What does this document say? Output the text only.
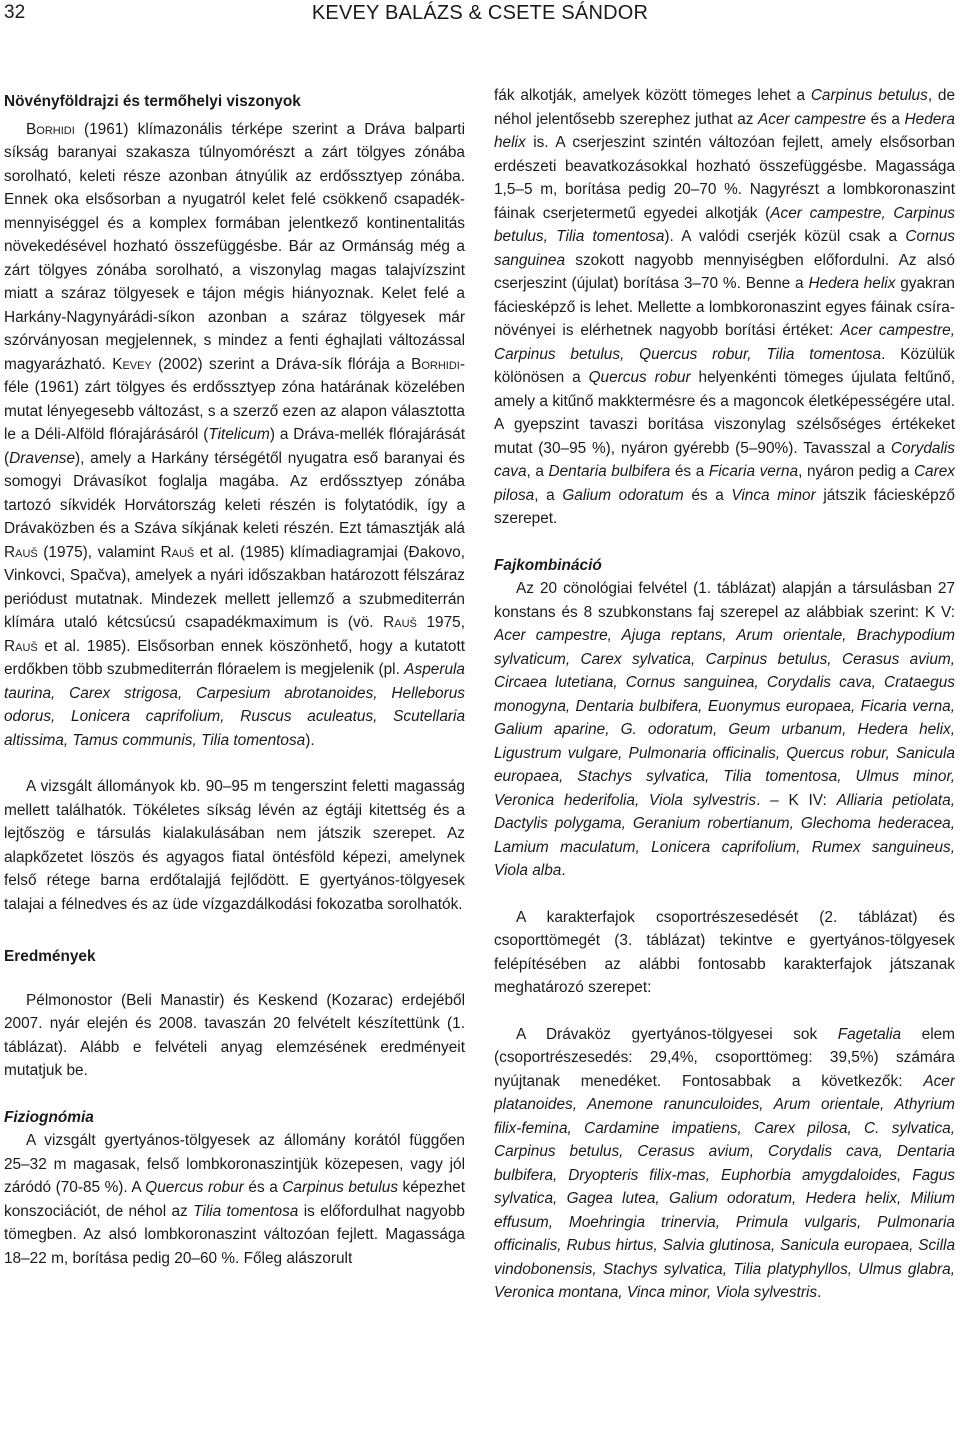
32	KEVEY BALÁZS & CSETE SÁNDOR
Növényföldrajzi és termőhelyi viszonyok

Borhidi (1961) klímazonális térképe szerint a Dráva balparti síkság baranyai szakasza túlnyomórészt a zárt tölgyes zónába sorolható, keleti része azonban átnyúlik az erdőssztyep zónába. Ennek oka elsősorban a nyugatról kelet felé csökkenő csapadék-mennyiséggel és a komplex formában jelentkező kontinentalitás növekedésével hozható összefüggésbe. Bár az Ormánság még a zárt tölgyes zónába sorolható, a viszonylag magas talajvízszint miatt a száraz tölgyesek e tájon mégis hiányoznak. Kelet felé a Harkány-Nagynyárádi-síkon azonban a száraz tölgyesek már szórványosan megjelennek, s mindez a fenti éghajlati változással magyarázható. Kevey (2002) szerint a Dráva-sík flórája a Borhidi-féle (1961) zárt tölgyes és erdőssztyep zóna határának közelében mutat lényegesebb változást, s a szerző ezen az alapon választotta le a Déli-Alföld flórajárásáról (Titelicum) a Dráva-mellék flórajárását (Dravense), amely a Harkány térségétől nyugatra eső baranyai és somogyi Drávasíkot foglalja magába. Az erdőssztyep zónába tartozó síkvidék Horvátország keleti részén is folytatódik, így a Drávaközben és a Száva síkjának keleti részén. Ezt támasztják alá Rauš (1975), valamint Rauš et al. (1985) klímadiagramjai (Đakovo, Vinkovci, Spačva), amelyek a nyári időszakban határozott félszáraz periódust mutatnak. Mindezek mellett jellemző a szubmediterrán klímára utaló kétcsúcsú csapadékmaximum is (vö. Rauš 1975, Rauš et al. 1985). Elsősorban ennek köszönhető, hogy a kutatott erdőkben több szubmediterrán flóraelem is megjelenik (pl. Asperula taurina, Carex strigosa, Carpesium abrotanoides, Helleborus odorus, Lonicera caprifolium, Ruscus aculeatus, Scutellaria altissima, Tamus communis, Tilia tomentosa).

A vizsgált állományok kb. 90–95 m tengerszint feletti magasság mellett találhatók. Tökéletes síkság lévén az égtáji kitettség és a lejtőszög e társulás kialakulásában nem játszik szerepet. Az alapkőzetet löszös és agyagos fiatal öntésföld képezi, amelynek felső rétege barna erdőtalajjá fejlődött. E gyertyános-tölgyesek talajai a félnedves és az üde vízgazdálkodási fokozatba sorolhatók.

Eredmények

Pélmonostor (Beli Manastir) és Keskend (Kozarac) erdejéből 2007. nyár elején és 2008. tavaszán 20 felvételt készítettünk (1. táblázat). Alább e felvételi anyag elemzésének eredményeit mutatjuk be.

Fiziognómia

A vizsgált gyertyános-tölgyesek az állomány korától függően 25–32 m magasak, felső lombkoronaszintjük közepesen, vagy jól záródó (70-85 %). A Quercus robur és a Carpinus betulus képezhet konszociációt, de néhol az Tilia tomentosa is előfordulhat nagyobb tömegben. Az alsó lombkoronaszint változóan fejlett. Magassága 18–22 m, borítása pedig 20–60 %. Főleg alászorult

fák alkotják, amelyek között tömeges lehet a Carpinus betulus, de néhol jelentősebb szerephez juthat az Acer campestre és a Hedera helix is. A cserjeszint szintén változóan fejlett, amely elsősorban erdészeti beavatkozásokkal hozható összefüggésbe. Magassága 1,5–5 m, borítása pedig 20–70 %. Nagyrészt a lombkoronaszint fáinak cserjetermetű egyedei alkotják (Acer campestre, Carpinus betulus, Tilia tomentosa). A valódi cserjék közül csak a Cornus sanguinea szokott nagyobb mennyiségben előfordulni. Az alsó cserjeszint (újulat) borítása 3–70 %. Benne a Hedera helix gyakran fáciesképző is lehet. Mellette a lombkoronaszint egyes fáinak csíranövényei is elérhetnek nagyobb borítási értéket: Acer campestre, Carpinus betulus, Quercus robur, Tilia tomentosa. Közülük kölönösen a Quercus robur helyenkénti tömeges újulata feltűnő, amely a kitűnő makktermésre és a magoncok életképességére utal. A gyepszint tavaszi borítása viszonylag szélsőséges értékeket mutat (30–95 %), nyáron gyérebb (5–90%). Tavasszal a Corydalis cava, a Dentaria bulbifera és a Ficaria verna, nyáron pedig a Carex pilosa, a Galium odoratum és a Vinca minor játszik fáciesképző szerepet.

Fajkombináció

Az 20 cönológiai felvétel (1. táblázat) alapján a társulásban 27 konstans és 8 szubkonstans faj szerepel az alábbiak szerint: K V: Acer campestre, Ajuga reptans, Arum orientale, Brachypodium sylvaticum, Carex sylvatica, Carpinus betulus, Cerasus avium, Circaea lutetiana, Cornus sanguinea, Corydalis cava, Crataegus monogyna, Dentaria bulbifera, Euonymus europaea, Ficaria verna, Galium aparine, G. odoratum, Geum urbanum, Hedera helix, Ligustrum vulgare, Pulmonaria officinalis, Quercus robur, Sanicula europaea, Stachys sylvatica, Tilia tomentosa, Ulmus minor, Veronica hederifolia, Viola sylvestris. – K IV: Alliaria petiolata, Dactylis polygama, Geranium robertianum, Glechoma hederacea, Lamium maculatum, Lonicera caprifolium, Rumex sanguineus, Viola alba.

A karakterfajok csoportrészesedését (2. táblázat) és csoporttömegét (3. táblázat) tekintve e gyertyános-tölgyesek felépítésében az alábbi fontosabb karakterfajok játszanak meghatározó szerepet:

A Drávaköz gyertyános-tölgyesei sok Fagetalia elem (csoportrészesedés: 29,4%, csoporttömeg: 39,5%) számára nyújtanak menedéket. Fontosabbak a következők: Acer platanoides, Anemone ranunculoides, Arum orientale, Athyrium filix-femina, Cardamine impatiens, Carex pilosa, C. sylvatica, Carpinus betulus, Cerasus avium, Corydalis cava, Dentaria bulbifera, Dryopteris filix-mas, Euphorbia amygdaloides, Fagus sylvatica, Gagea lutea, Galium odoratum, Hedera helix, Milium effusum, Moehringia trinervia, Primula vulgaris, Pulmonaria officinalis, Rubus hirtus, Salvia glutinosa, Sanicula europaea, Scilla vindobonensis, Stachys sylvatica, Tilia platyphyllos, Ulmus glabra, Veronica montana, Vinca minor, Viola sylvestris.
